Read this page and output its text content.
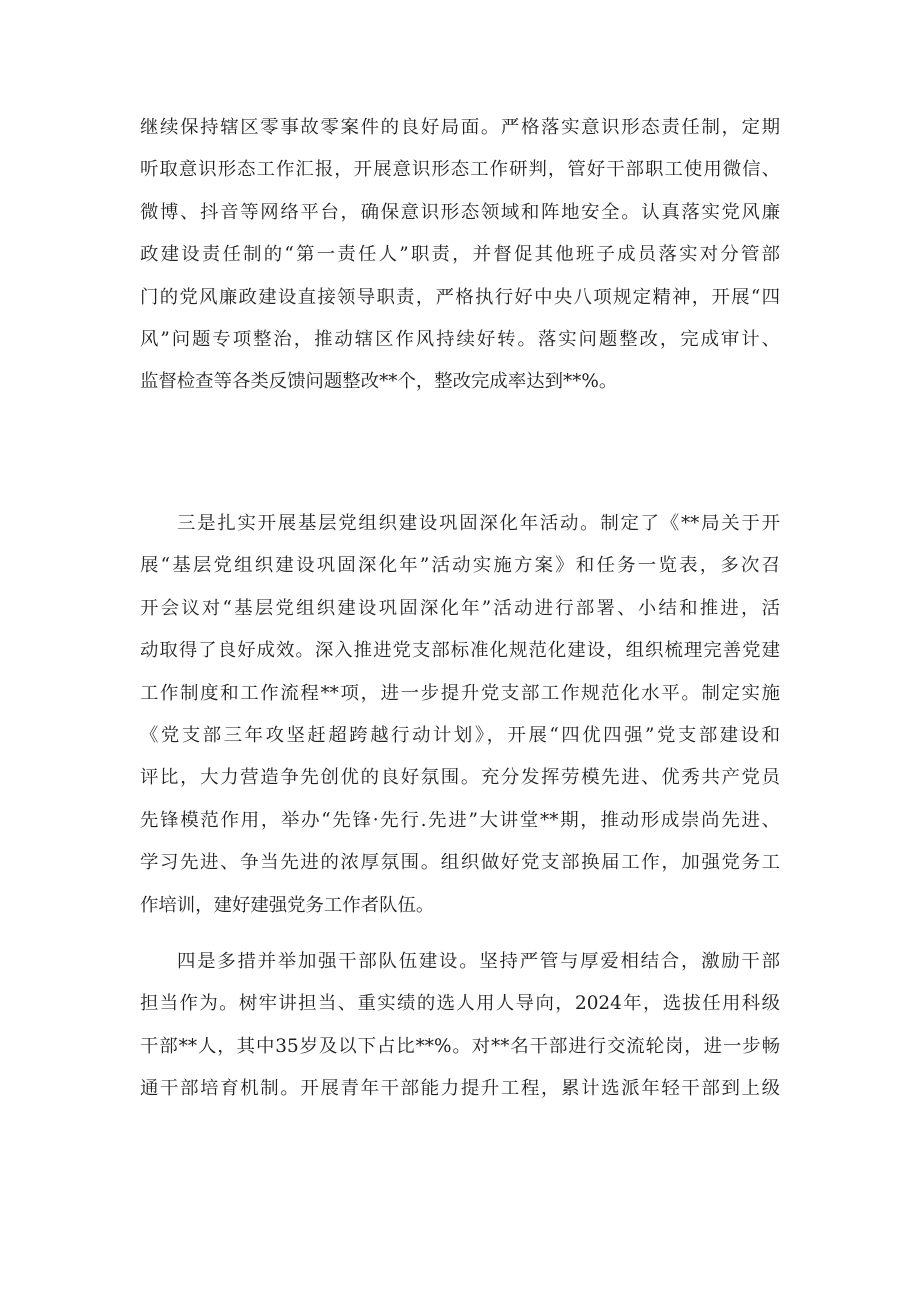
继续保持辖区零事故零案件的良好局面。严格落实意识形态责任制，定期
听取意识形态工作汇报，开展意识形态工作研判，管好干部职工使用微信、
微博、抖音等网络平台，确保意识形态领域和阵地安全。认真落实党风廉
政建设责任制的“第一责任人”职责，并督促其他班子成员落实对分管部
门的党风廉政建设直接领导职责，严格执行好中央八项规定精神，开展“四
风”问题专项整治，推动辖区作风持续好转。落实问题整改，完成审计、
监督检查等各类反馈问题整改**个，整改完成率达到**%。

三是扎实开展基层党组织建设巩固深化年活动。制定了《**局关于开
展“基层党组织建设巩固深化年”活动实施方案》和任务一览表，多次召
开会议对“基层党组织建设巩固深化年”活动进行部署、小结和推进，活
动取得了良好成效。深入推进党支部标准化规范化建设，组织梳理完善党建
工作制度和工作流程**项，进一步提升党支部工作规范化水平。制定实施
《党支部三年攻坚赶超跨越行动计划》，开展“四优四强”党支部建设和
评比，大力营造争先创优的良好氛围。充分发挥劳模先进、优秀共产党员
先锋模范作用，举办“先锋·先行.先进”大讲堂**期，推动形成崇尚先进、
学习先进、争当先进的浓厚氛围。组织做好党支部换届工作，加强党务工
作培训，建好建强党务工作者队伍。

四是多措并举加强干部队伍建设。坚持严管与厚爱相结合，激励干部
担当作为。树牢讲担当、重实绩的选人用人导向，2024年，选拔任用科级
干部**人，其中35岁及以下占比**%。对**名干部进行交流轮岗，进一步畅
通干部培育机制。开展青年干部能力提升工程，累计选派年轻干部到上级
